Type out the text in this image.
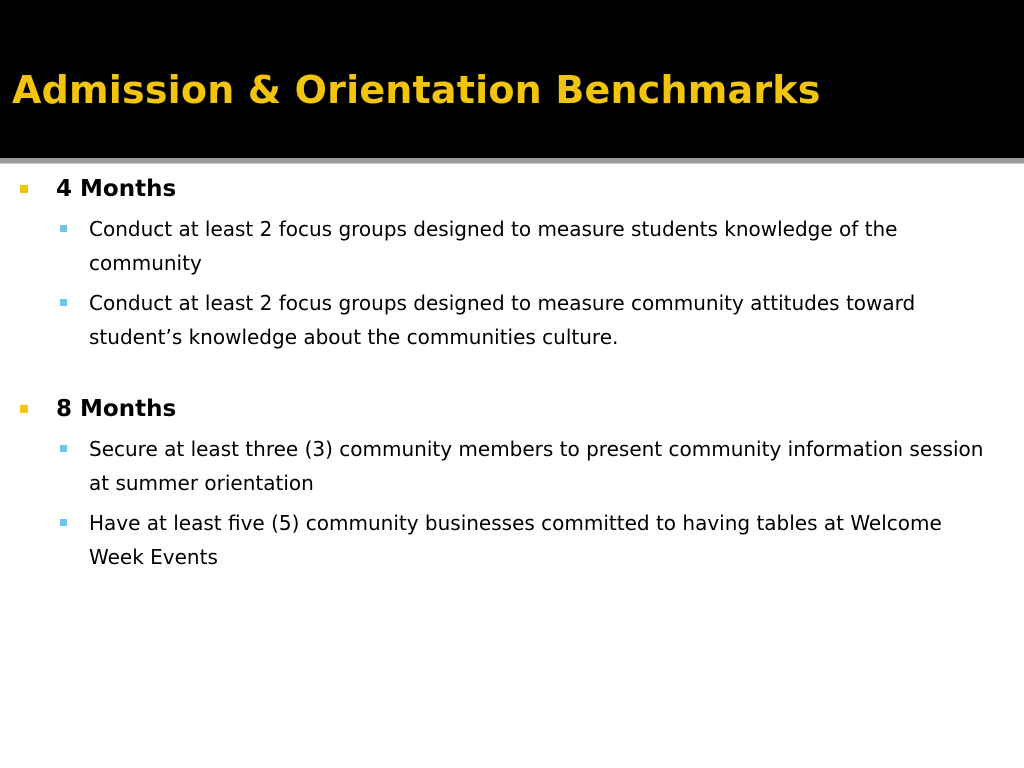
Admission & Orientation Benchmarks
4 Months
Conduct at least 2 focus groups designed to measure students knowledge of the community
Conduct at least 2 focus groups designed to measure community attitudes toward student’s knowledge about the communities culture.
8 Months
Secure at least three (3) community members to present community information session at summer orientation
Have at least five (5) community businesses committed to having tables at Welcome Week Events
